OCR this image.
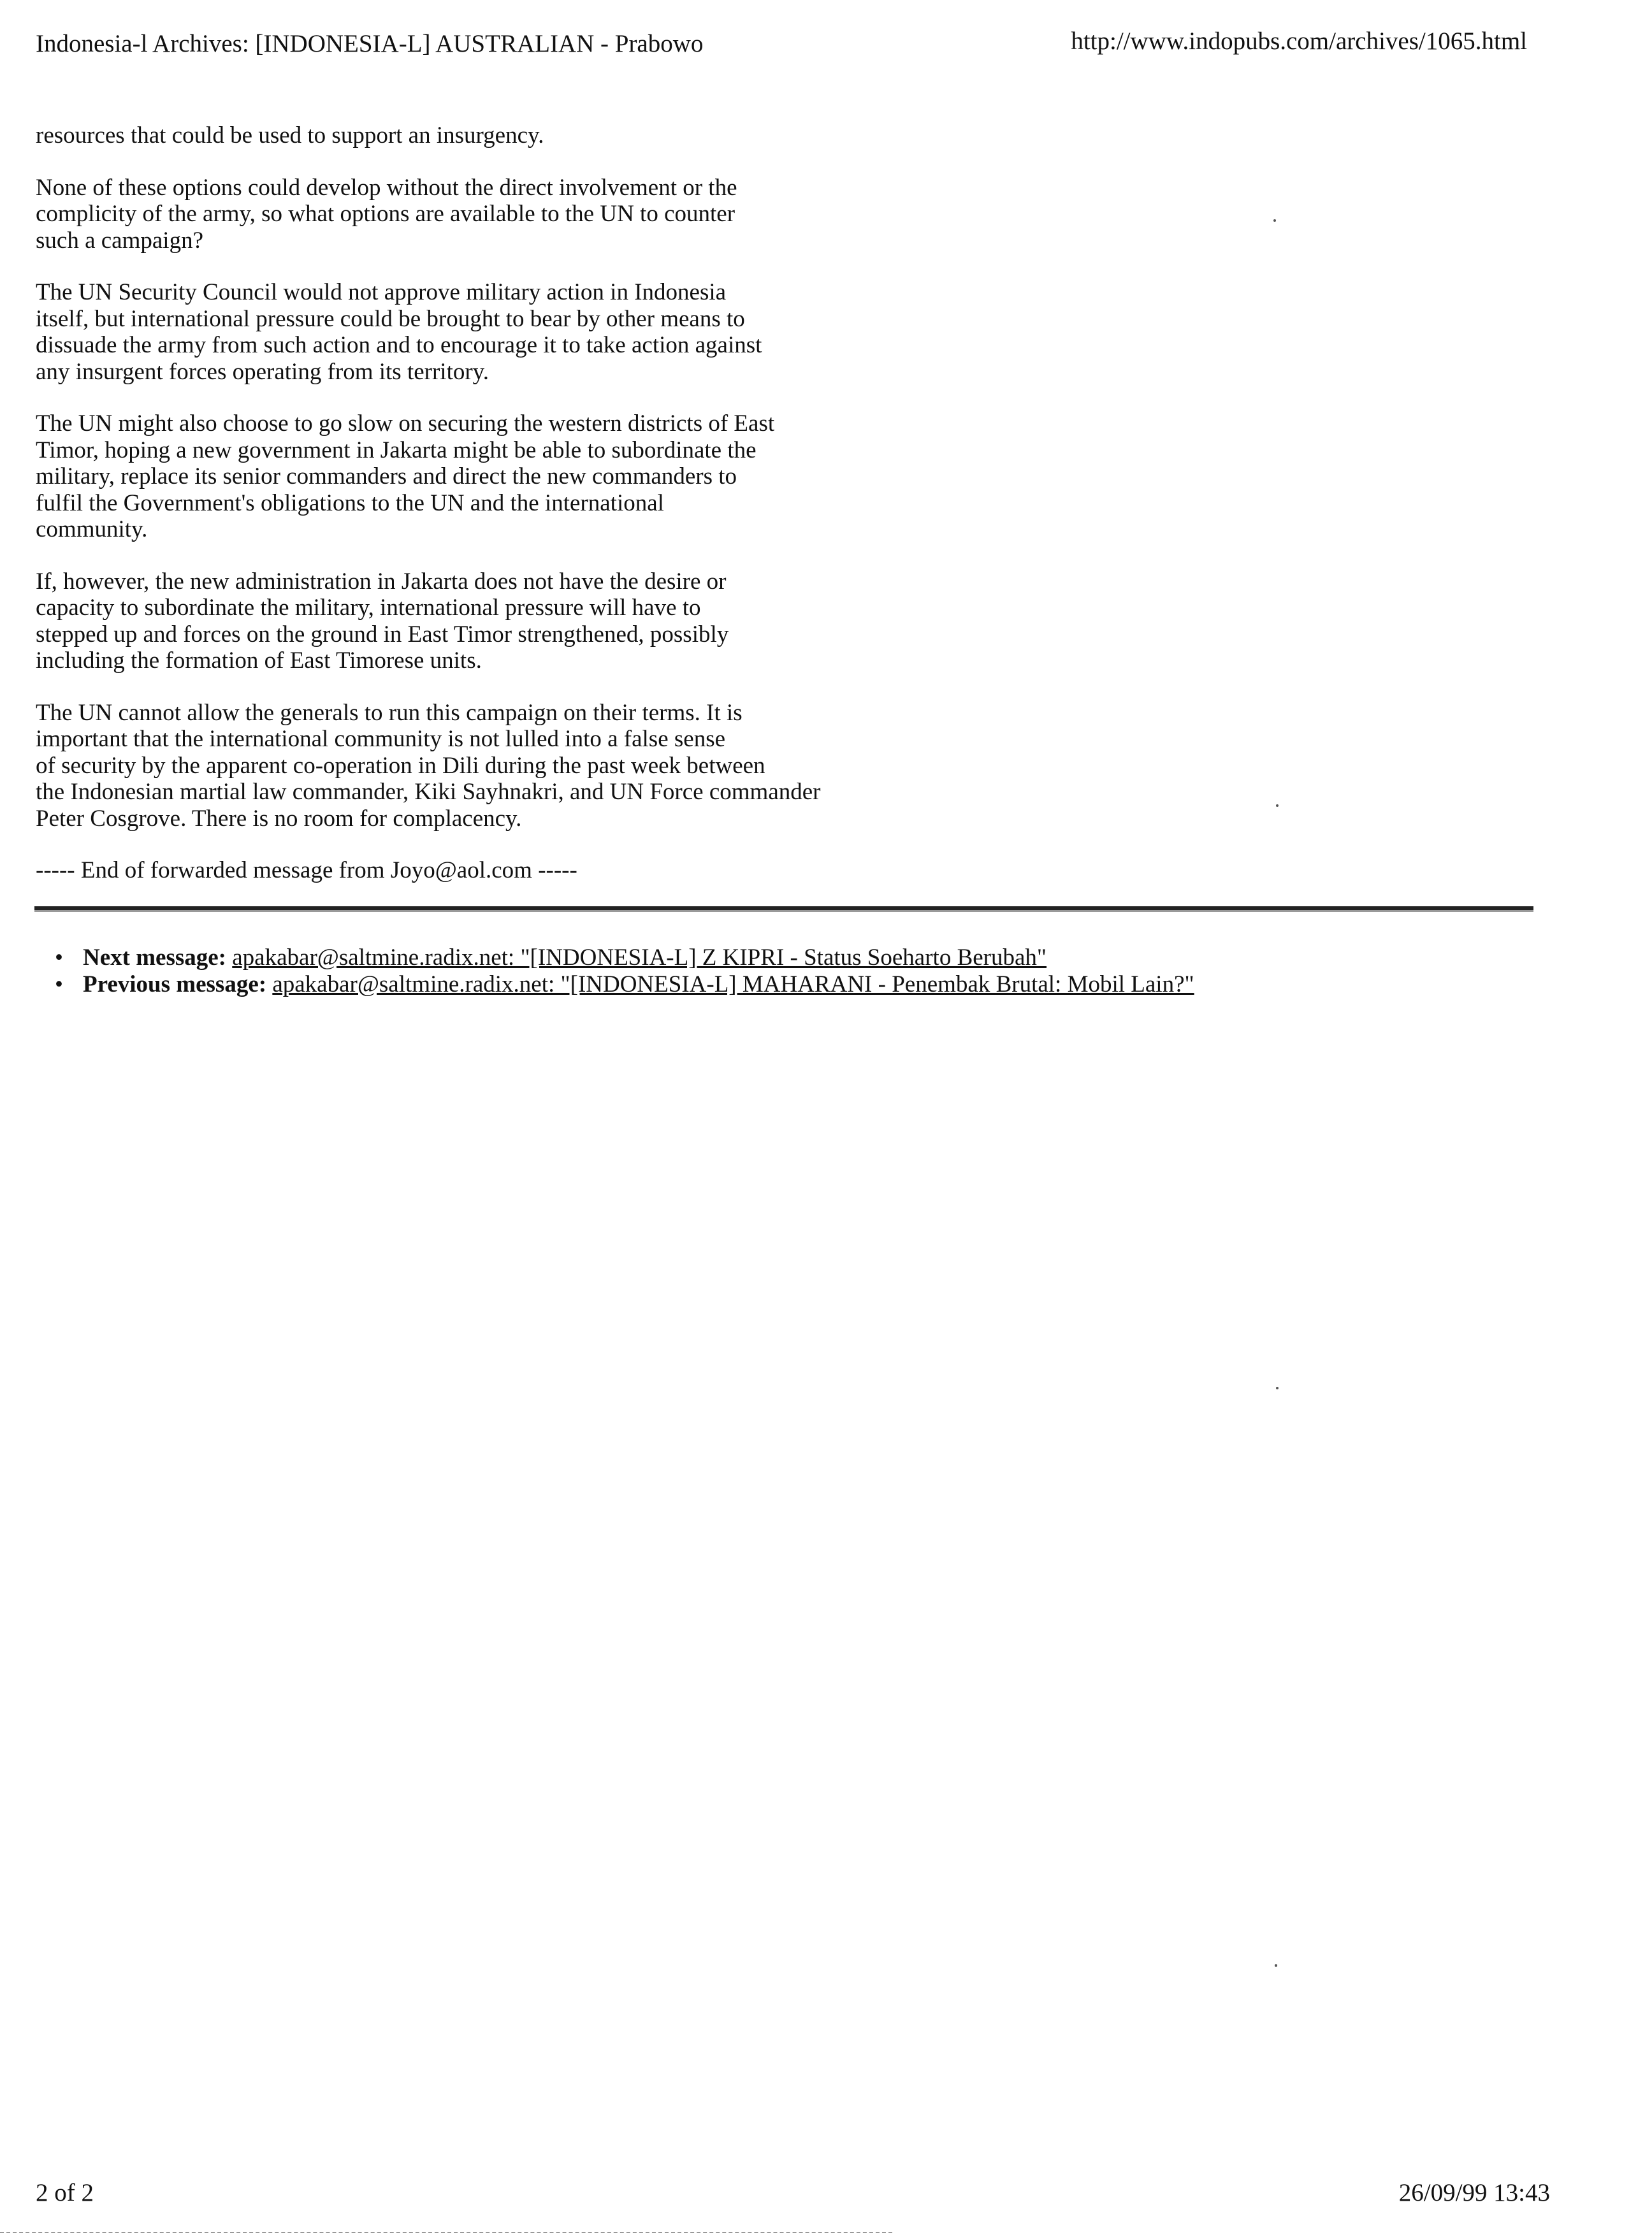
Indonesia-l Archives: [INDONESIA-L] AUSTRALIAN - Prabowo	http://www.indopubs.com/archives/1065.html

resources that could be used to support an insurgency.

None of these options could develop without the direct involvement or the
complicity of the army, so what options are available to the UN to counter
such a campaign?

The UN Security Council would not approve military action in Indonesia
itself, but international pressure could be brought to bear by other means to
dissuade the army from such action and to encourage it to take action against
any insurgent forces operating from its territory.

The UN might also choose to go slow on securing the western districts of East
Timor, hoping a new government in Jakarta might be able to subordinate the
military, replace its senior commanders and direct the new commanders to
fulfil the Government's obligations to the UN and the international
community.

If, however, the new administration in Jakarta does not have the desire or
capacity to subordinate the military, international pressure will have to
stepped up and forces on the ground in East Timor strengthened, possibly
including the formation of East Timorese units.

The UN cannot allow the generals to run this campaign on their terms. It is
important that the international community is not lulled into a false sense
of security by the apparent co-operation in Dili during the past week between
the Indonesian martial law commander, Kiki Sayhnakri, and UN Force commander
Peter Cosgrove. There is no room for complacency.

----- End of forwarded message from Joyo@aol.com -----

• Next message: apakabar@saltmine.radix.net: "[INDONESIA-L] Z KIPRI - Status Soeharto Berubah"
• Previous message: apakabar@saltmine.radix.net: "[INDONESIA-L] MAHARANI - Penembak Brutal: Mobil Lain?"
2 of 2	26/09/99 13:43
